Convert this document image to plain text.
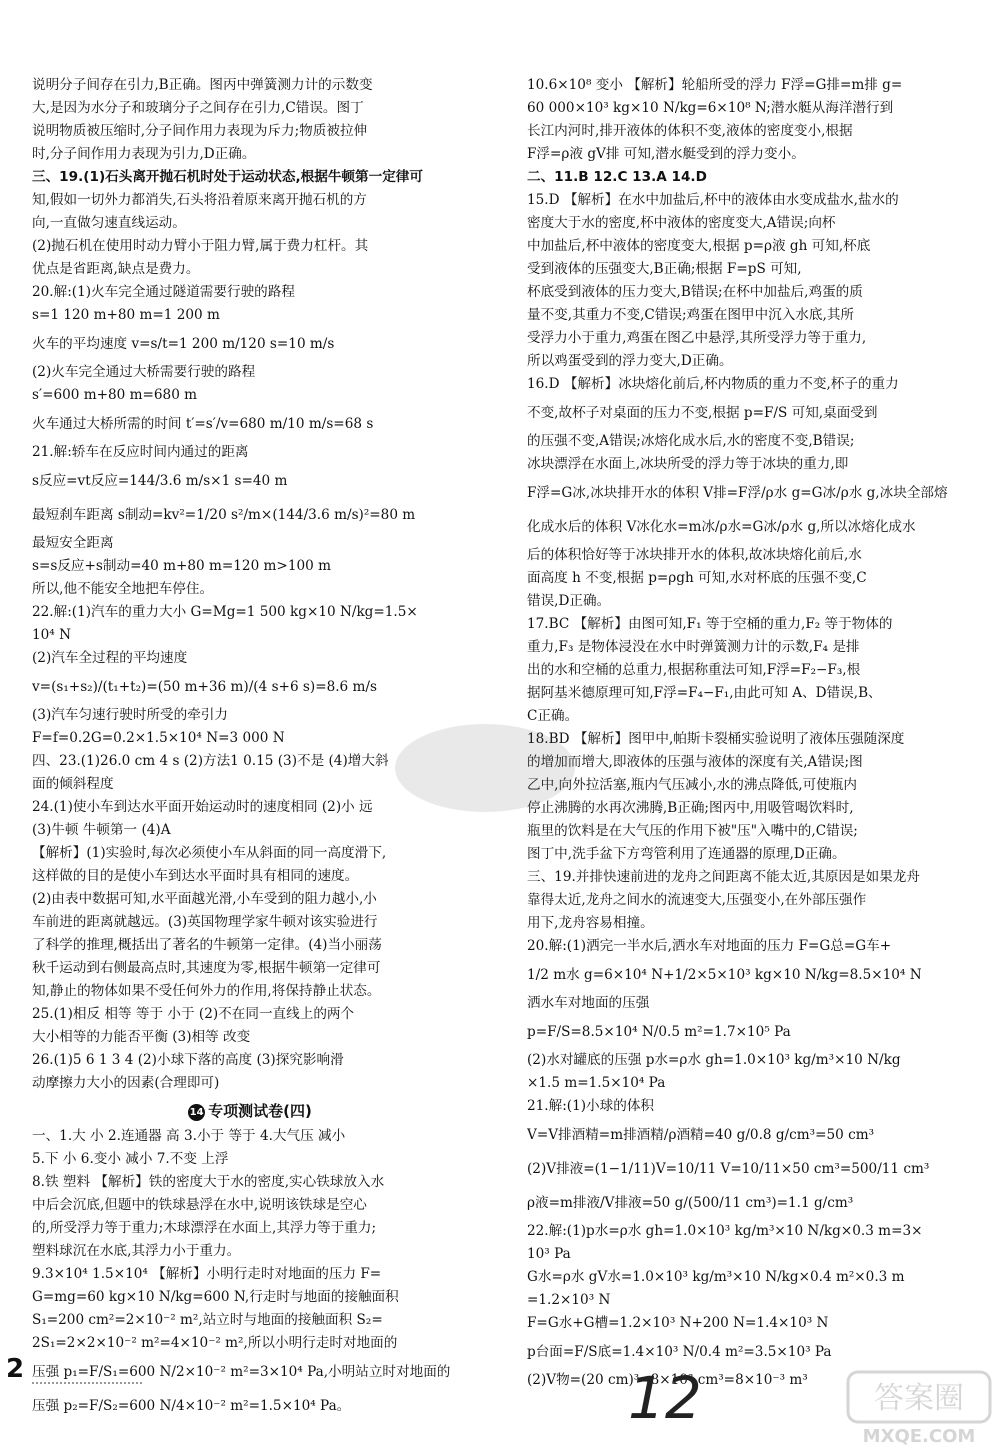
说明分子间存在引力,B正确。图丙中弹簧测力计的示数变
大,是因为水分子和玻璃分子之间存在引力,C错误。图丁
说明物质被压缩时,分子间作用力表现为斥力;物质被拉伸
时,分子间作用力表现为引力,D正确。
三、19.(1)石头离开抛石机时处于运动状态,根据牛顿第一定律可
知,假如一切外力都消失,石头将沿着原来离开抛石机的方
向,一直做匀速直线运动。
(2)抛石机在使用时动力臂小于阻力臂,属于费力杠杆。其
优点是省距离,缺点是费力。
20.解:(1)火车完全通过隧道需要行驶的路程
s=1 120 m+80 m=1 200 m
火车的平均速度 v=s/t=1 200 m/120 s=10 m/s
(2)火车完全通过大桥需要行驶的路程
s′=600 m+80 m=680 m
火车通过大桥所需的时间 t′=s′/v=680 m/10 m/s=68 s
21.解:轿车在反应时间内通过的距离
s反应=vt反应=144/3.6 m/s×1 s=40 m
最短刹车距离 s制动=kv²=1/20 s²/m×(144/3.6 m/s)²=80 m
最短安全距离
s=s反应+s制动=40 m+80 m=120 m>100 m
所以,他不能安全地把车停住。
22.解:(1)汽车的重力大小 G=Mg=1 500 kg×10 N/kg=1.5×
10⁴ N
(2)汽车全过程的平均速度
v=(s₁+s₂)/(t₁+t₂)=(50 m+36 m)/(4 s+6 s)=8.6 m/s
(3)汽车匀速行驶时所受的牵引力
F=f=0.2G=0.2×1.5×10⁴ N=3 000 N
四、23.(1)26.0 cm 4 s (2)方法1 0.15 (3)不是 (4)增大斜
面的倾斜程度
24.(1)使小车到达水平面开始运动时的速度相同 (2)小 远
(3)牛顿 牛顿第一 (4)A
【解析】(1)实验时,每次必须使小车从斜面的同一高度滑下,
这样做的目的是使小车到达水平面时具有相同的速度。
(2)由表中数据可知,水平面越光滑,小车受到的阻力越小,小
车前进的距离就越远。(3)英国物理学家牛顿对该实验进行
了科学的推理,概括出了著名的牛顿第一定律。(4)当小丽荡
秋千运动到右侧最高点时,其速度为零,根据牛顿第一定律可
知,静止的物体如果不受任何外力的作用,将保持静止状态。
25.(1)相反 相等 等于 小于 (2)不在同一直线上的两个
大小相等的力能否平衡 (3)相等 改变
26.(1)5 6 1 3 4 (2)小球下落的高度 (3)探究影响滑
动摩擦力大小的因素(合理即可)
14 专项测试卷(四)
一、1.大 小 2.连通器 高 3.小于 等于 4.大气压 减小
5.下 小 6.变小 减小 7.不变 上浮
8.铁 塑料 【解析】铁的密度大于水的密度,实心铁球放入水
中后会沉底,但题中的铁球悬浮在水中,说明该铁球是空心
的,所受浮力等于重力;木球漂浮在水面上,其浮力等于重力;
塑料球沉在水底,其浮力小于重力。
9.3×10⁴ 1.5×10⁴ 【解析】小明行走时对地面的压力 F=
G=mg=60 kg×10 N/kg=600 N,行走时与地面的接触面积
S₁=200 cm²=2×10⁻² m²,站立时与地面的接触面积 S₂=
2S₁=2×2×10⁻² m²=4×10⁻² m²,所以小明行走时对地面的
压强 p₁=F/S₁=600 N/2×10⁻² m²=3×10⁴ Pa,小明站立时对地面的
压强 p₂=F/S₂=600 N/4×10⁻² m²=1.5×10⁴ Pa。
10.6×10⁸ 变小 【解析】轮船所受的浮力 F浮=G排=m排 g=
60 000×10³ kg×10 N/kg=6×10⁸ N;潜水艇从海洋潜行到
长江内河时,排开液体的体积不变,液体的密度变小,根据
F浮=ρ液 gV排 可知,潜水艇受到的浮力变小。
二、11.B 12.C 13.A 14.D
15.D 【解析】在水中加盐后,杯中的液体由水变成盐水,盐水的
密度大于水的密度,杯中液体的密度变大,A错误;向杯
中加盐后,杯中液体的密度变大,根据 p=ρ液 gh 可知,杯底
受到液体的压强变大,B正确;根据 F=pS 可知,
杯底受到液体的压力变大,B错误;在杯中加盐后,鸡蛋的质
量不变,其重力不变,C错误;鸡蛋在图甲中沉入水底,其所
受浮力小于重力,鸡蛋在图乙中悬浮,其所受浮力等于重力,
所以鸡蛋受到的浮力变大,D正确。
16.D 【解析】冰块熔化前后,杯内物质的重力不变,杯子的重力
不变,故杯子对桌面的压力不变,根据 p=F/S 可知,桌面受到
的压强不变,A错误;冰熔化成水后,水的密度不变,B错误;
冰块漂浮在水面上,冰块所受的浮力等于冰块的重力,即
F浮=G冰,冰块排开水的体积 V排=F浮/ρ水 g=G冰/ρ水 g,冰块全部熔
化成水后的体积 V冰化水=m冰/ρ水=G冰/ρ水 g,所以冰熔化成水
后的体积恰好等于冰块排开水的体积,故冰块熔化前后,水
面高度 h 不变,根据 p=ρgh 可知,水对杯底的压强不变,C
错误,D正确。
17.BC 【解析】由图可知,F₁ 等于空桶的重力,F₂ 等于物体的
重力,F₃ 是物体浸没在水中时弹簧测力计的示数,F₄ 是排
出的水和空桶的总重力,根据称重法可知,F浮=F₂−F₃,根
据阿基米德原理可知,F浮=F₄−F₁,由此可知 A、D错误,B、
C正确。
18.BD 【解析】图甲中,帕斯卡裂桶实验说明了液体压强随深度
的增加而增大,即液体的压强与液体的深度有关,A错误;图
乙中,向外拉活塞,瓶内气压减小,水的沸点降低,可使瓶内
停止沸腾的水再次沸腾,B正确;图丙中,用吸管喝饮料时,
瓶里的饮料是在大气压的作用下被"压"入嘴中的,C错误;
图丁中,洗手盆下方弯管利用了连通器的原理,D正确。
三、19.并排快速前进的龙舟之间距离不能太近,其原因是如果龙舟
靠得太近,龙舟之间水的流速变大,压强变小,在外部压强作
用下,龙舟容易相撞。
20.解:(1)洒完一半水后,洒水车对地面的压力 F=G总=G车+
1/2 m水 g=6×10⁴ N+1/2×5×10³ kg×10 N/kg=8.5×10⁴ N
洒水车对地面的压强
p=F/S=8.5×10⁴ N/0.5 m²=1.7×10⁵ Pa
(2)水对罐底的压强 p水=ρ水 gh=1.0×10³ kg/m³×10 N/kg
×1.5 m=1.5×10⁴ Pa
21.解:(1)小球的体积
V=V排酒精=m排酒精/ρ酒精=40 g/0.8 g/cm³=50 cm³
(2)V排液=(1−1/11)V=10/11 V=10/11×50 cm³=500/11 cm³
ρ液=m排液/V排液=50 g/(500/11 cm³)=1.1 g/cm³
22.解:(1)p水=ρ水 gh=1.0×10³ kg/m³×10 N/kg×0.3 m=3×
10³ Pa
G水=ρ水 gV水=1.0×10³ kg/m³×10 N/kg×0.4 m²×0.3 m
=1.2×10³ N
F=G水+G槽=1.2×10³ N+200 N=1.4×10³ N
p台面=F/S底=1.4×10³ N/0.4 m²=3.5×10³ Pa
(2)V物=(20 cm)³=8×10³ cm³=8×10⁻³ m³
2	12	答案圈
MXQE.COM
